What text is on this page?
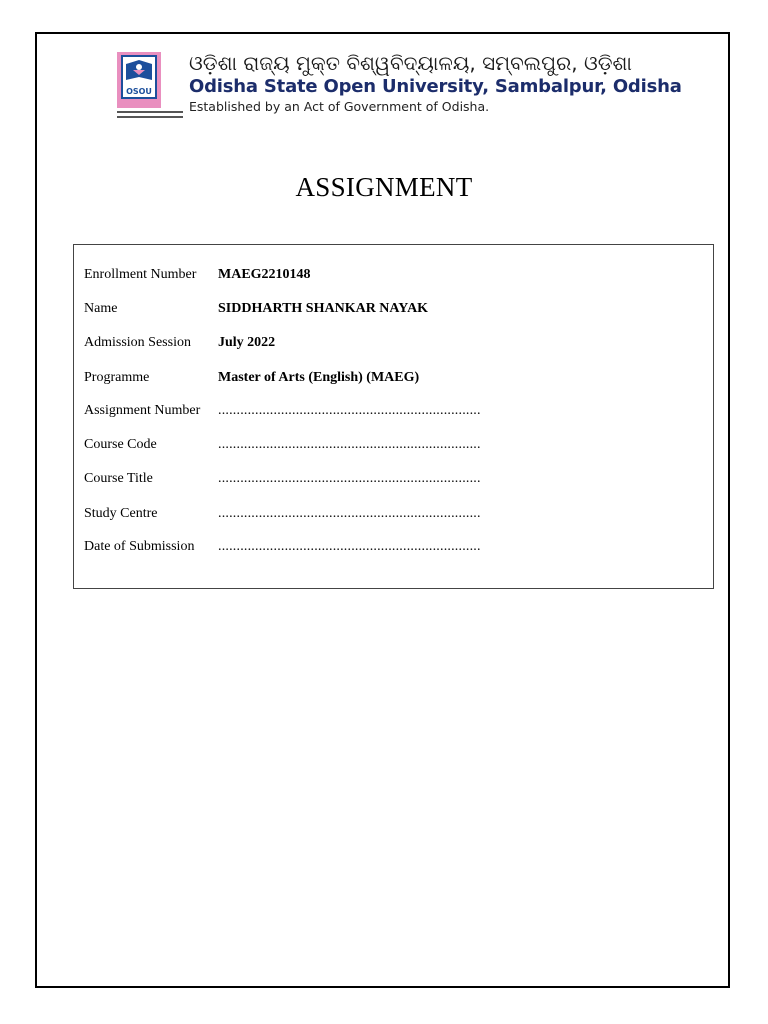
OSOU
ଓଡ଼ିଶା ରାଜ୍ୟ ମୁକ୍ତ ବିଶ୍ୱବିଦ୍ୟାଳୟ, ସମ୍ବଲପୁର, ଓଡ଼ିଶା
Odisha State Open University, Sambalpur, Odisha
Established by an Act of Government of Odisha.
ASSIGNMENT
Enrollment Number MAEG2210148
Name	SIDDHARTH SHANKAR NAYAK
Admission Session July 2022
Programme	Master of Arts (English) (MAEG)
Assignment Number .......................................................................
Course Code	.......................................................................
Course Title	.......................................................................
Study Centre	.......................................................................
Date of Submission .......................................................................
